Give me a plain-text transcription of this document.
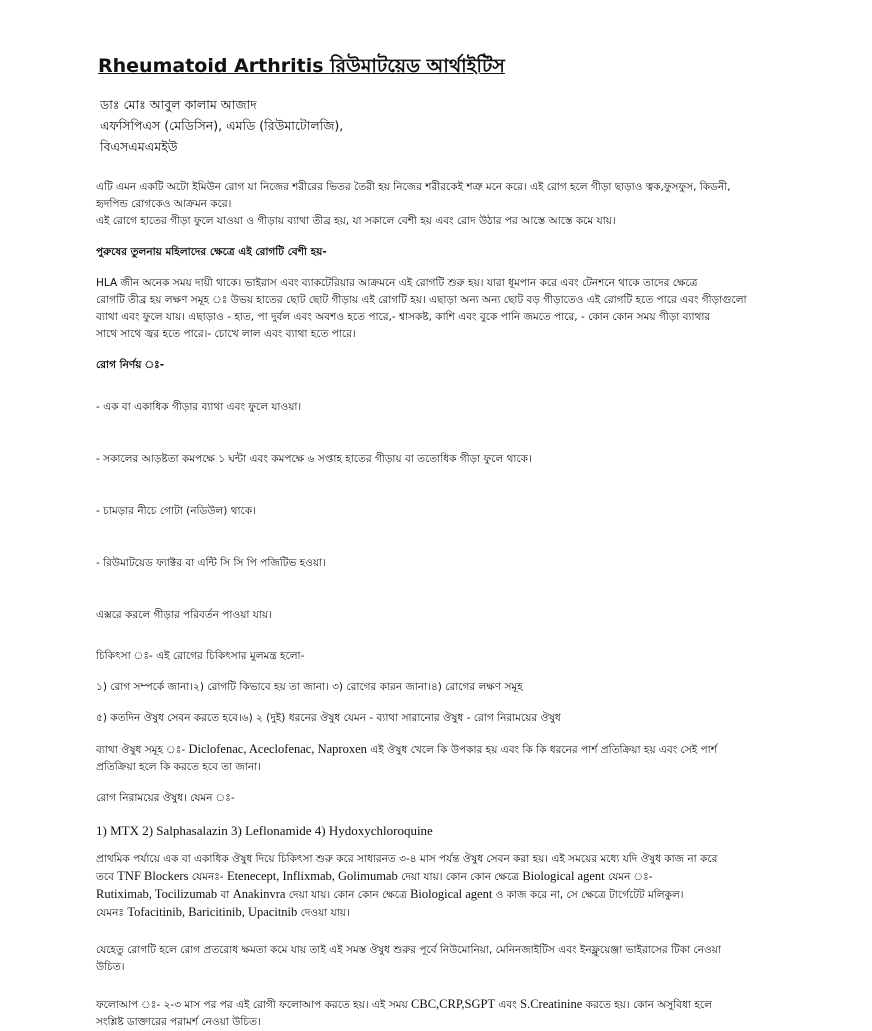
Rheumatoid Arthritis রিউমাটয়েড আর্থাইটিস
ডাঃ মোঃ আবুল কালাম আজাদ
এফসিপিএস (মেডিসিন), এমডি (রিউমাটোলজি),
বিএসএমএমইউ

এটি এমন একটি অটো ইমিউন রোগ যা নিজের শরীরের ভিতর তৈরী হয় নিজের শরীরকেই শত্রু মনে করে। এই রোগ হলে গীড়া ছাড়াও ত্বক,ফুসফুস, কিডনী,

হৃদপিন্ড রোগকেও আক্রমন করে।

এই রোগে হাতের গীড়া ফুলে যাওয়া ও গীড়ায় ব্যাথা তীব্র হয়, যা সকালে বেশী হয় এবং রোদ উঠার পর আস্তে আস্তে কমে যায়।

পুরুষের তুলনায় মহিলাদের ক্ষেত্রে এই রোগটি বেশী হয়-

HLA জীন অনেক সময় দায়ী থাকে। ভাইরাস এবং ব্যাকটেরিয়ার আক্রমনে এই রোগটি শুরু হয়। যারা ধূমপান করে এবং টেনশনে থাকে তাদের ক্ষেত্রে

রোগটি তীব্র হয় লক্ষণ সমূহ ঃ উভয় হাতের ছোট ছোট গীড়ায় এই রোগটি হয়। এছাড়া অন্য অন্য ছোট বড় গীড়াতেও এই রোগটি হতে পারে এবং গীড়াগুলো

ব্যাথা এবং ফুলে যায়। এছাড়াও - হাত, পা দুর্বল এবং অবশও হতে পারে,- শ্বাসকষ্ট, কাশি এবং বুকে পানি জমতে পারে, - কোন কোন সময় গীড়া ব্যাথার

সাথে সাথে জ্বর হতে পারে।- চোখে লাল এবং ব্যাথা হতে পারে।

রোগ নির্ণয় ঃ-

- এক বা একাধিক গীড়ার ব্যাথা এবং ফুলে যাওয়া।

- সকালের আড়ষ্টতা কমপক্ষে ১ ঘন্টা এবং কমপক্ষে ৬ সপ্তাহ হাতের গীড়ায় বা ততোধিক গীড়া ফুলে থাকে।

- চামড়ার নীচে গোটা (নডিউল) থাকে।

- রিউমাটয়েড ফ্যাক্টর বা এন্টি সি সি পি পজিটিভ হওয়া।

এক্সরে করলে গীড়ার পরিবর্তন পাওয়া যায়।

চিকিৎসা ঃ- এই রোগের চিকিৎসার মুলমন্ত্র হলো-

১) রোগ সম্পর্কে জানা।২) রোগটি কিভাবে হয় তা জানা। ৩) রোগের কারন জানা।৪) রোগের লক্ষণ সমূহ

৫) কতদিন ঔষুধ সেবন করতে হবে।৬) ২ (দুই) ধরনের ঔষুধ যেমন - ব্যাথা সারানোর ঔষুধ - রোগ নিরাময়ের ঔষুধ

ব্যাথা ঔষুধ সমূহ ঃ- Diclofenac, Aceclofenac, Naproxen এই ঔষুধ খেলে কি উপকার হয় এবং কি কি ধরনের পার্শ প্রতিক্রিয়া হয় এবং সেই পার্শ

প্রতিক্রিয়া হলে কি করতে হবে তা জানা।

রোগ নিরাময়ের ঔষুধ। যেমন ঃ-

1) MTX 2) Salphasalazin 3) Leflonamide 4) Hydoxychloroquine

প্রাথমিক পর্যায়ে এক বা একাধিক ঔষুধ দিয়ে চিকিৎসা শুরু করে সাধারনত ৩-৪ মাস পর্যন্ত ঔষুধ সেবন করা হয়। এই সময়ের মধ্যে যদি ঔষুধ কাজ না করে

তবে TNF Blockers যেমনঃ- Etenecept, Inflixmab, Golimumab দেয়া যায়। কোন কোন ক্ষেত্রে Biological agent যেমন ঃ-

Rutiximab, Tocilizumab বা Anakinvra দেয়া যায়। কোন কোন ক্ষেত্রে Biological agent ও কাজ করে না, সে ক্ষেত্রে টার্গেটেট মলিকুল।

যেমনঃ Tofacitinib, Baricitinib, Upacitnib দেওয়া যায়।

যেহেতু রোগটি হলে রোগ প্রতরোধ ক্ষমতা কমে যায় তাই এই সমস্ত ঔষুধ শুরুর পূর্বে নিউমোনিয়া, মেনিনজাইটিস এবং ইনফ্লুয়েঞ্জা ভাইরাসের টিকা নেওয়া

উচিত।

ফলোআপ ঃ- ২-৩ মাস পর পর এই রোগী ফলোআপ করতে হয়। এই সময় CBC,CRP,SGPT এবং S.Creatinine করতে হয়। কোন অসুবিধা হলে

সংশ্লিষ্ট ডাক্তারের পরামর্শ নেওয়া উচিত।
